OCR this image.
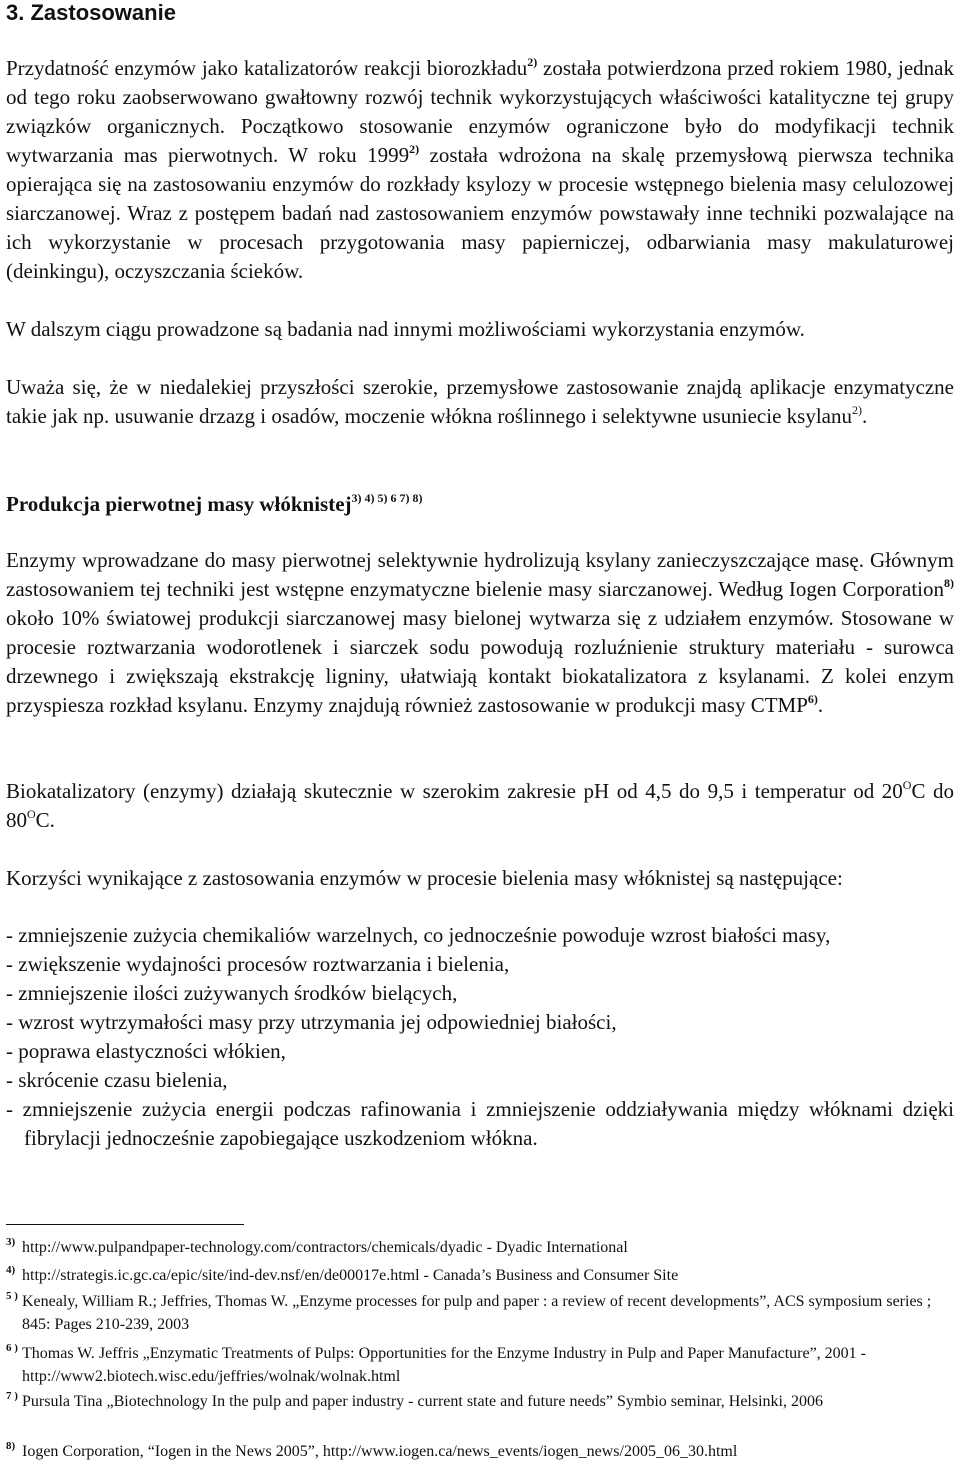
3. Zastosowanie

Przydatność enzymów jako katalizatorów reakcji biorozkładu$^{2)}$ została potwierdzona przed rokiem 1980, jednak od tego roku zaobserwowano gwałtowny rozwój technik wykorzystujących właściwości katalityczne tej grupy związków organicznych. Początkowo stosowanie enzymów ograniczone było do modyfikacji technik wytwarzania mas pierwotnych. W roku 1999$^{2)}$ została wdrożona na skalę przemysłową pierwsza technika opierająca się na zastosowaniu enzymów do rozkłady ksylozy w procesie wstępnego bielenia masy celulozowej siarczanowej. Wraz z postępem badań nad zastosowaniem enzymów powstawały inne techniki pozwalające na ich wykorzystanie w procesach przygotowania masy papierniczej, odbarwiania masy makulaturowej (deinkingu), oczyszczania ścieków.

W dalszym ciągu prowadzone są badania nad innymi możliwościami wykorzystania enzymów.

Uważa się, że w niedalekiej przyszłości szerokie, przemysłowe zastosowanie znajdą aplikacje enzymatyczne takie jak np. usuwanie drzazg i osadów, moczenie włókna roślinnego i selektywne usuniecie ksylanu$^{2)}$.

Produkcja pierwotnej masy włóknistej$^{3) 4) 5) 6 7) 8)}$

Enzymy wprowadzane do masy pierwotnej selektywnie hydrolizują ksylany zanieczyszczające masę. Głównym zastosowaniem tej techniki jest wstępne enzymatyczne bielenie masy siarczanowej. Według Iogen Corporation$^{8)}$ około 10% światowej produkcji siarczanowej masy bielonej wytwarza się z udziałem enzymów. Stosowane w procesie roztwarzania wodorotlenek i siarczek sodu powodują rozluźnienie struktury materiału - surowca drzewnego i zwiększają ekstrakcję ligniny, ułatwiają kontakt biokatalizatora z ksylanami. Z kolei enzym przyspiesza rozkład ksylanu. Enzymy znajdują również zastosowanie w produkcji masy CTMP$^{6)}$.

Biokatalizatory (enzymy) działają skutecznie w szerokim zakresie pH od 4,5 do 9,5 i temperatur od $20^OC$ do $80^OC$.

Korzyści wynikające z zastosowania enzymów w procesie bielenia masy włóknistej są następujące:

- zmniejszenie zużycia chemikaliów warzelnych, co jednocześnie powoduje wzrost białości masy,
- zwiększenie wydajności procesów roztwarzania i bielenia,
- zmniejszenie ilości zużywanych środków bielących,
- wzrost wytrzymałości masy przy utrzymania jej odpowiedniej białości,
- poprawa elastyczności włókien,
- skrócenie czasu bielenia,
- zmniejszenie zużycia energii podczas rafinowania i zmniejszenie oddziaływania między włóknami dzięki fibrylacji jednocześnie zapobiegające uszkodzeniom włókna.

3) http://www.pulpandpaper-technology.com/contractors/chemicals/dyadic - Dyadic International

4) http://strategis.ic.gc.ca/epic/site/ind-dev.nsf/en/de00017e.html - Canada’s Business and Consumer Site

5 ) Kenealy, William R.; Jeffries, Thomas W. „Enzyme processes for pulp and paper : a review of recent developments”, ACS symposium series ; 845: Pages 210-239, 2003

6 ) Thomas W. Jeffris „Enzymatic Treatments of Pulps: Opportunities for the Enzyme Industry in Pulp and Paper Manufacture”, 2001 - http://www2.biotech.wisc.edu/jeffries/wolnak/wolnak.html

7 ) Pursula Tina „Biotechnology In the pulp and paper industry - current state and future needs” Symbio seminar, Helsinki, 2006

8) Iogen Corporation, “Iogen in the News 2005”, http://www.iogen.ca/news_events/iogen_news/2005_06_30.html
